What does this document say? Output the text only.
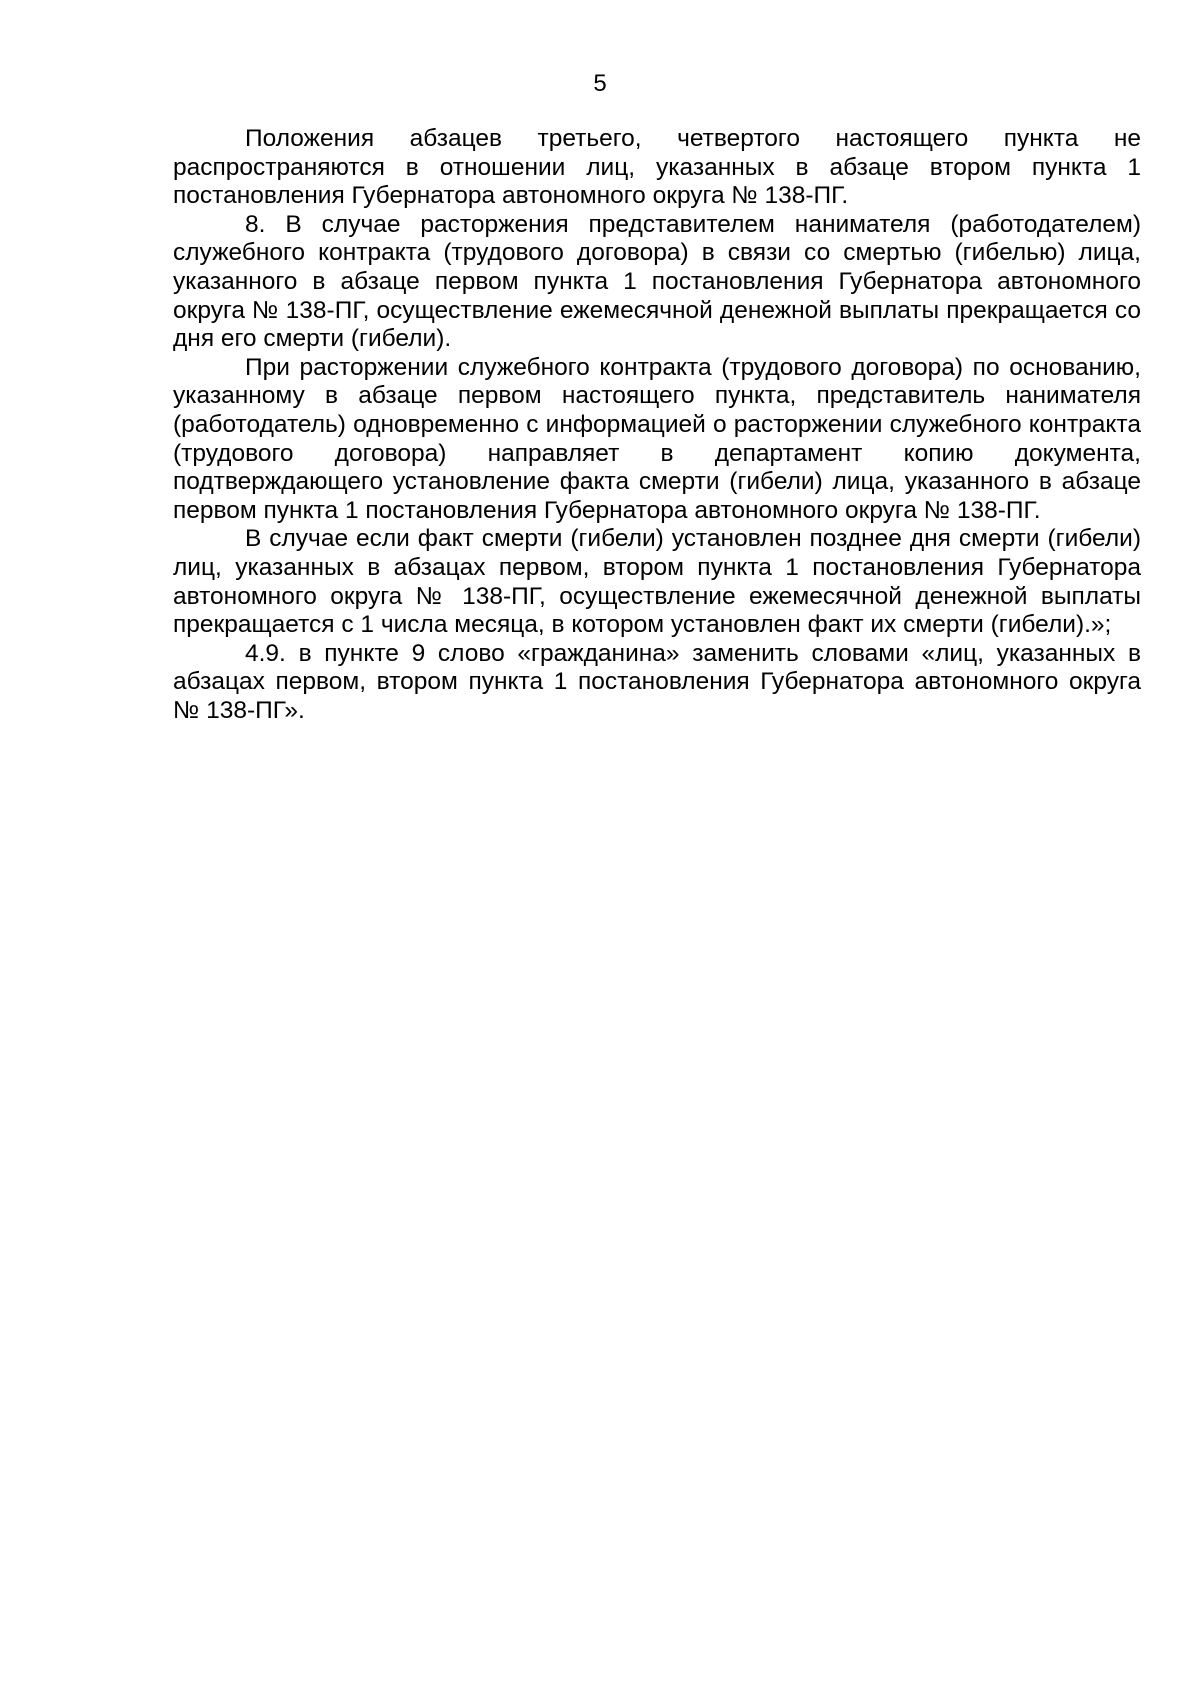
5

Положения абзацев третьего, четвертого настоящего пункта не распространяются в отношении лиц, указанных в абзаце втором пункта 1 постановления Губернатора автономного округа № 138-ПГ.

8. В случае расторжения представителем нанимателя (работодателем) служебного контракта (трудового договора) в связи со смертью (гибелью) лица, указанного в абзаце первом пункта 1 постановления Губернатора автономного округа № 138-ПГ, осуществление ежемесячной денежной выплаты прекращается со дня его смерти (гибели).

При расторжении служебного контракта (трудового договора) по основанию, указанному в абзаце первом настоящего пункта, представитель нанимателя (работодатель) одновременно с информацией о расторжении служебного контракта (трудового договора) направляет в департамент копию документа, подтверждающего установление факта смерти (гибели) лица, указанного в абзаце первом пункта 1 постановления Губернатора автономного округа № 138-ПГ.

В случае если факт смерти (гибели) установлен позднее дня смерти (гибели) лиц, указанных в абзацах первом, втором пункта 1 постановления Губернатора автономного округа № 138-ПГ, осуществление ежемесячной денежной выплаты прекращается с 1 числа месяца, в котором установлен факт их смерти (гибели).»;

4.9. в пункте 9 слово «гражданина» заменить словами «лиц, указанных в абзацах первом, втором пункта 1 постановления Губернатора автономного округа № 138-ПГ».
